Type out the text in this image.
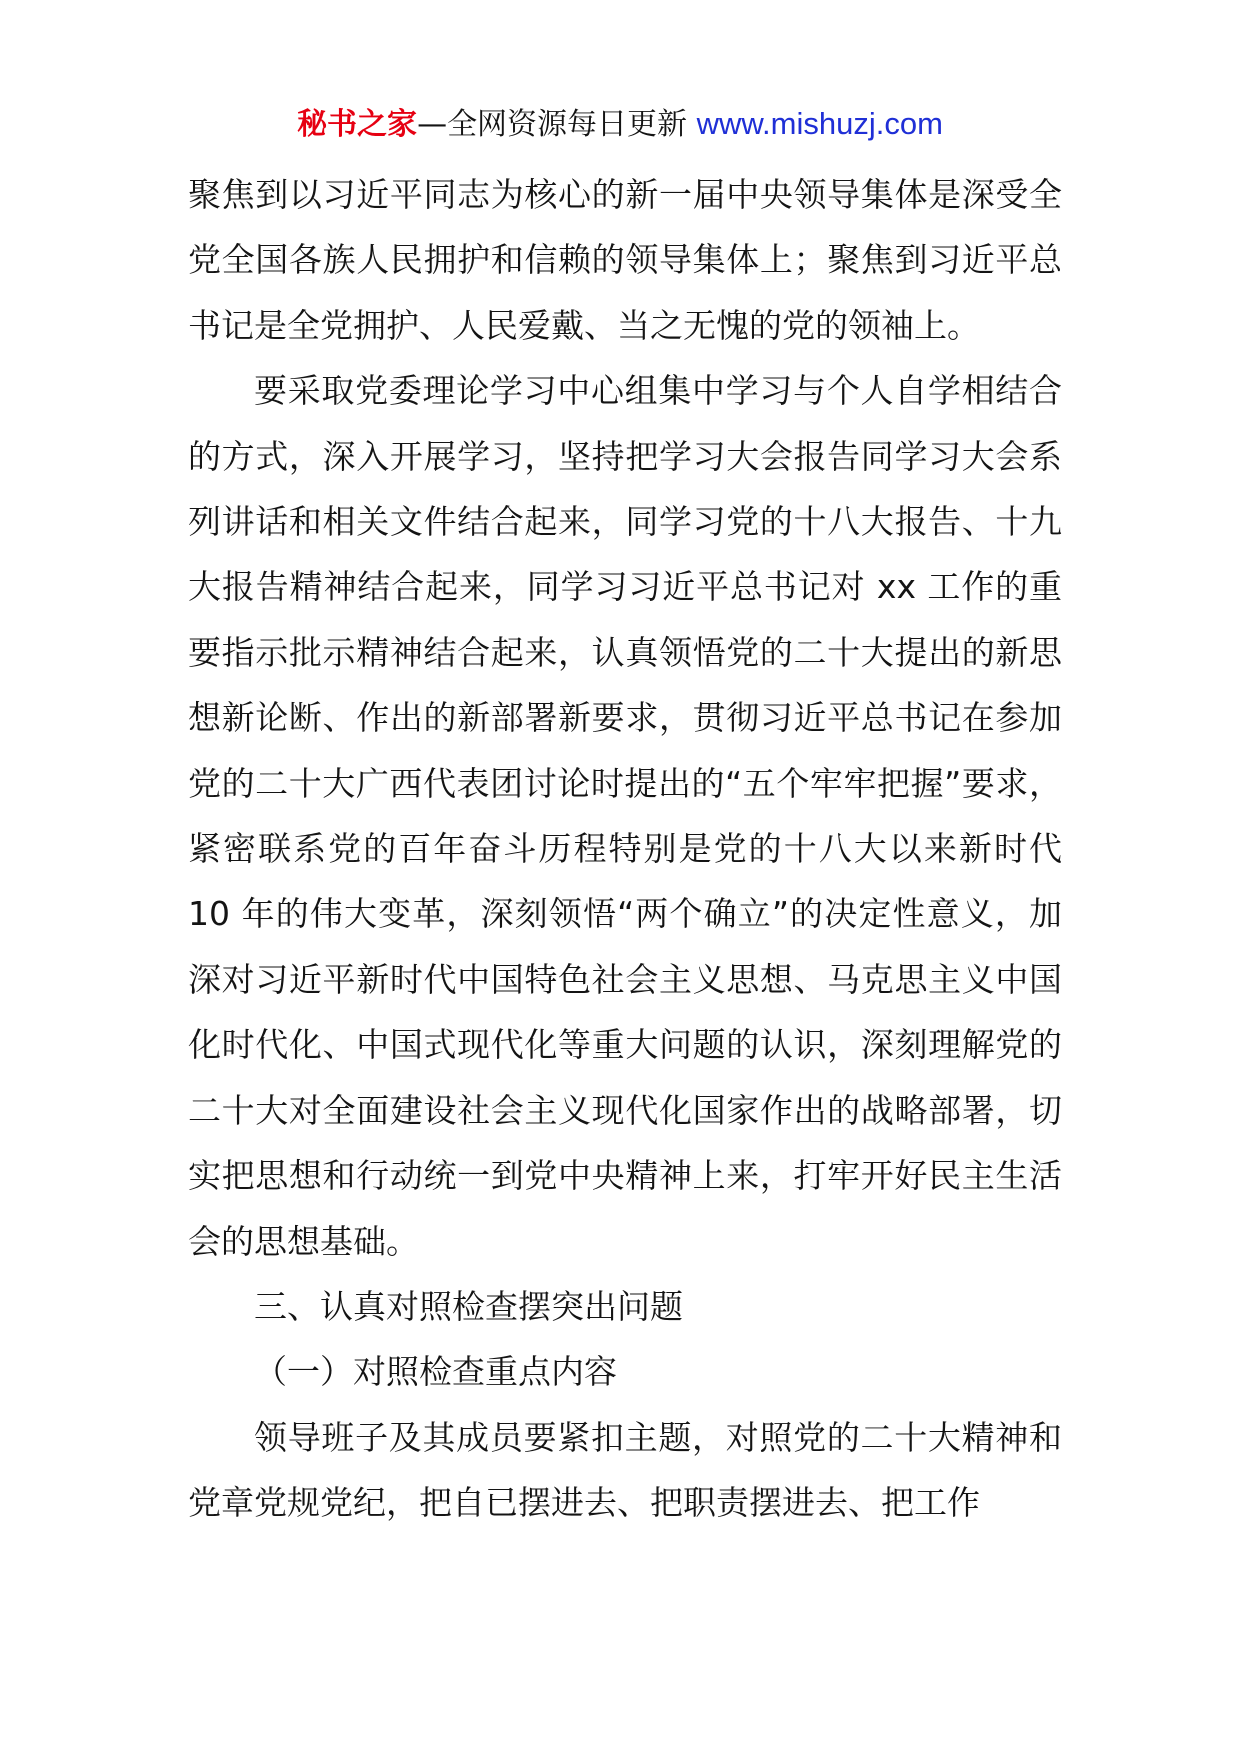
秘书之家—全网资源每日更新 www.mishuzj.com

聚焦到以习近平同志为核心的新一届中央领导集体是深受全党全国各族人民拥护和信赖的领导集体上；聚焦到习近平总书记是全党拥护、人民爱戴、当之无愧的党的领袖上。

要采取党委理论学习中心组集中学习与个人自学相结合的方式，深入开展学习，坚持把学习大会报告同学习大会系列讲话和相关文件结合起来，同学习党的十八大报告、十九大报告精神结合起来，同学习习近平总书记对 xx 工作的重要指示批示精神结合起来，认真领悟党的二十大提出的新思想新论断、作出的新部署新要求，贯彻习近平总书记在参加党的二十大广西代表团讨论时提出的“五个牢牢把握”要求，紧密联系党的百年奋斗历程特别是党的十八大以来新时代 10 年的伟大变革，深刻领悟“两个确立”的决定性意义，加深对习近平新时代中国特色社会主义思想、马克思主义中国化时代化、中国式现代化等重大问题的认识，深刻理解党的二十大对全面建设社会主义现代化国家作出的战略部署，切实把思想和行动统一到党中央精神上来，打牢开好民主生活会的思想基础。

三、认真对照检查摆突出问题

（一）对照检查重点内容

领导班子及其成员要紧扣主题，对照党的二十大精神和党章党规党纪，把自已摆进去、把职责摆进去、把工作
